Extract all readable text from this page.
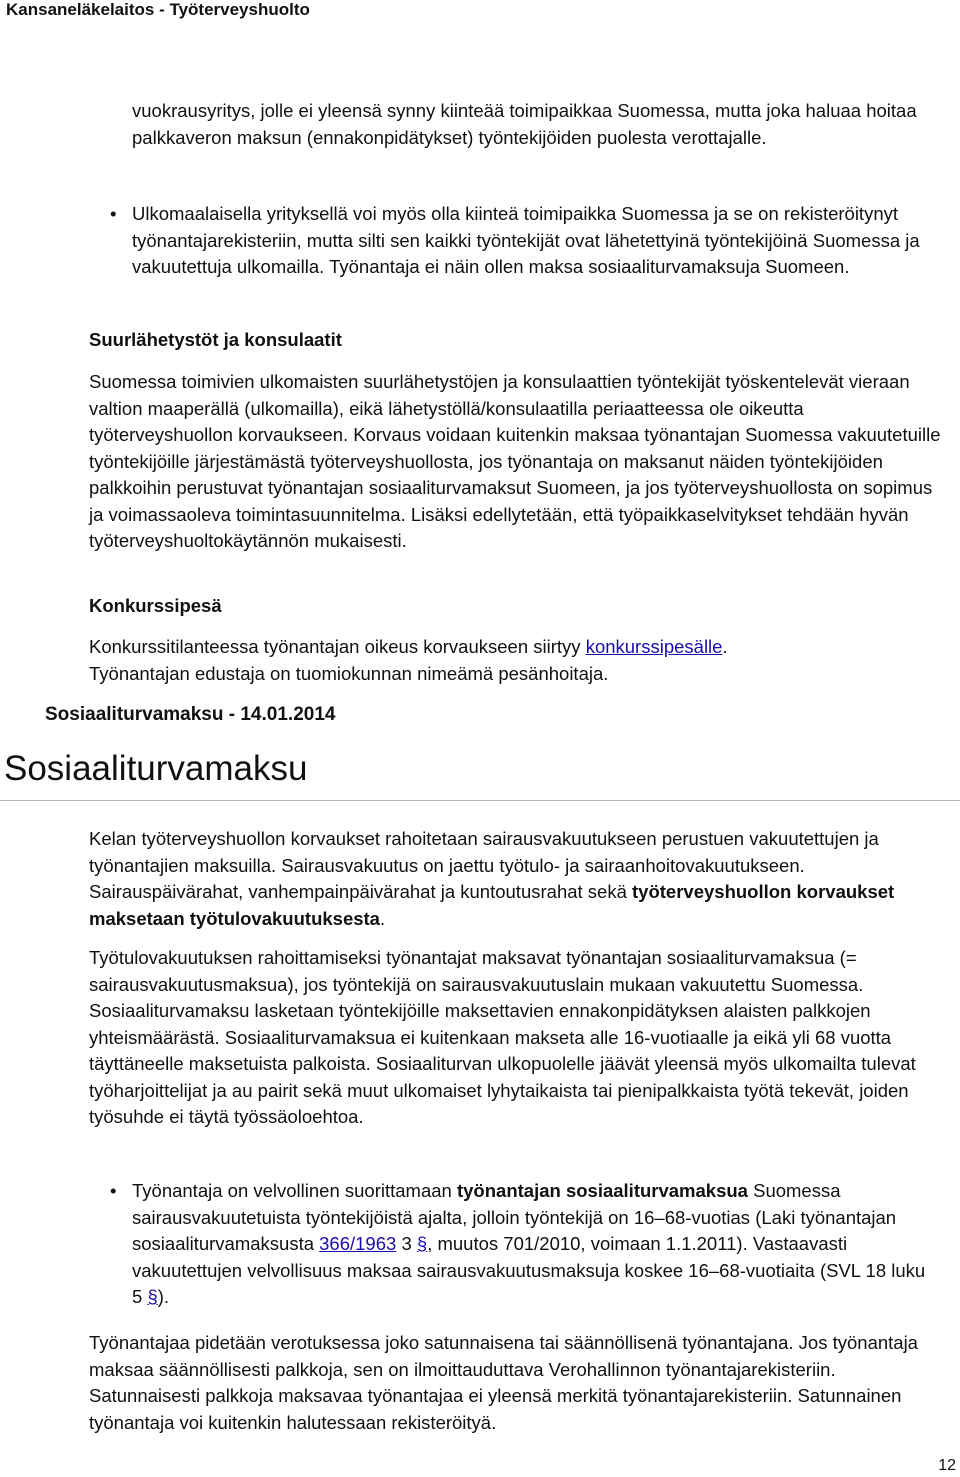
Kansaneläkelaitos - Työterveyshuolto
vuokrausyritys, jolle ei yleensä synny kiinteää toimipaikkaa Suomessa, mutta joka haluaa hoitaa palkkaveron maksun (ennakonpidätykset) työntekijöiden puolesta verottajalle.
• Ulkomaalaisella yrityksellä voi myös olla kiinteä toimipaikka Suomessa ja se on rekisteröitynyt työnantajarekisteriin, mutta silti sen kaikki työntekijät ovat lähetettyinä työntekijöinä Suomessa ja vakuutettuja ulkomailla. Työnantaja ei näin ollen maksa sosiaaliturvamaksuja Suomeen.
Suurlähetystöt ja konsulaatit
Suomessa toimivien ulkomaisten suurlähetystöjen ja konsulaattien työntekijät työskentelevät vieraan valtion maaperällä (ulkomailla), eikä lähetystöllä/konsulaatilla periaatteessa ole oikeutta työterveyshuollon korvaukseen. Korvaus voidaan kuitenkin maksaa työnantajan Suomessa vakuutetuille työntekijöille järjestämästä työterveyshuollosta, jos työnantaja on maksanut näiden työntekijöiden palkkoihin perustuvat työnantajan sosiaaliturvamaksut Suomeen, ja jos työterveyshuollosta on sopimus ja voimassaoleva toimintasuunnitelma. Lisäksi edellytetään, että työpaikkaselvitykset tehdään hyvän työterveyshuoltokäytännön mukaisesti.
Konkurssipesä
Konkurssitilanteessa työnantajan oikeus korvaukseen siirtyy konkurssipesälle.
Työnantajan edustaja on tuomiokunnan nimeämä pesänhoitaja.
Sosiaaliturvamaksu - 14.01.2014
Sosiaaliturvamaksu
Kelan työterveyshuollon korvaukset rahoitetaan sairausvakuutukseen perustuen vakuutettujen ja työnantajien maksuilla. Sairausvakuutus on jaettu työtulo- ja sairaanhoitovakuutukseen. Sairauspäivärahat, vanhempainpäivärahat ja kuntoutusrahat sekä työterveyshuollon korvaukset maksetaan työtulovakuutuksesta.
Työtulovakuutuksen rahoittamiseksi työnantajat maksavat työnantajan sosiaaliturvamaksua (= sairausvakuutusmaksua), jos työntekijä on sairausvakuutuslain mukaan vakuutettu Suomessa. Sosiaaliturvamaksu lasketaan työntekijöille maksettavien ennakonpidätyksen alaisten palkkojen yhteismäärästä. Sosiaaliturvamaksua ei kuitenkaan makseta alle 16-vuotiaalle ja eikä yli 68 vuotta täyttäneelle maksetuista palkoista. Sosiaaliturvan ulkopuolelle jäävät yleensä myös ulkomailta tulevat työharjoittelijat ja au pairit sekä muut ulkomaiset lyhytaikaista tai pienipalkkaista työtä tekevät, joiden työsuhde ei täytä työssäoloehtoa.
• Työnantaja on velvollinen suorittamaan työnantajan sosiaaliturvamaksua Suomessa sairausvakuutetuista työntekijöistä ajalta, jolloin työntekijä on 16–68-vuotias (Laki työnantajan sosiaaliturvamaksusta 366/1963 3 §, muutos 701/2010, voimaan 1.1.2011). Vastaavasti vakuutettujen velvollisuus maksaa sairausvakuutusmaksuja koskee 16–68-vuotiaita (SVL 18 luku 5 §).
Työnantajaa pidetään verotuksessa joko satunnaisena tai säännöllisenä työnantajana. Jos työnantaja maksaa säännöllisesti palkkoja, sen on ilmoittauduttava Verohallinnon työnantajarekisteriin. Satunnaisesti palkkoja maksavaa työnantajaa ei yleensä merkitä työnantajarekisteriin. Satunnainen työnantaja voi kuitenkin halutessaan rekisteröityä.
12
